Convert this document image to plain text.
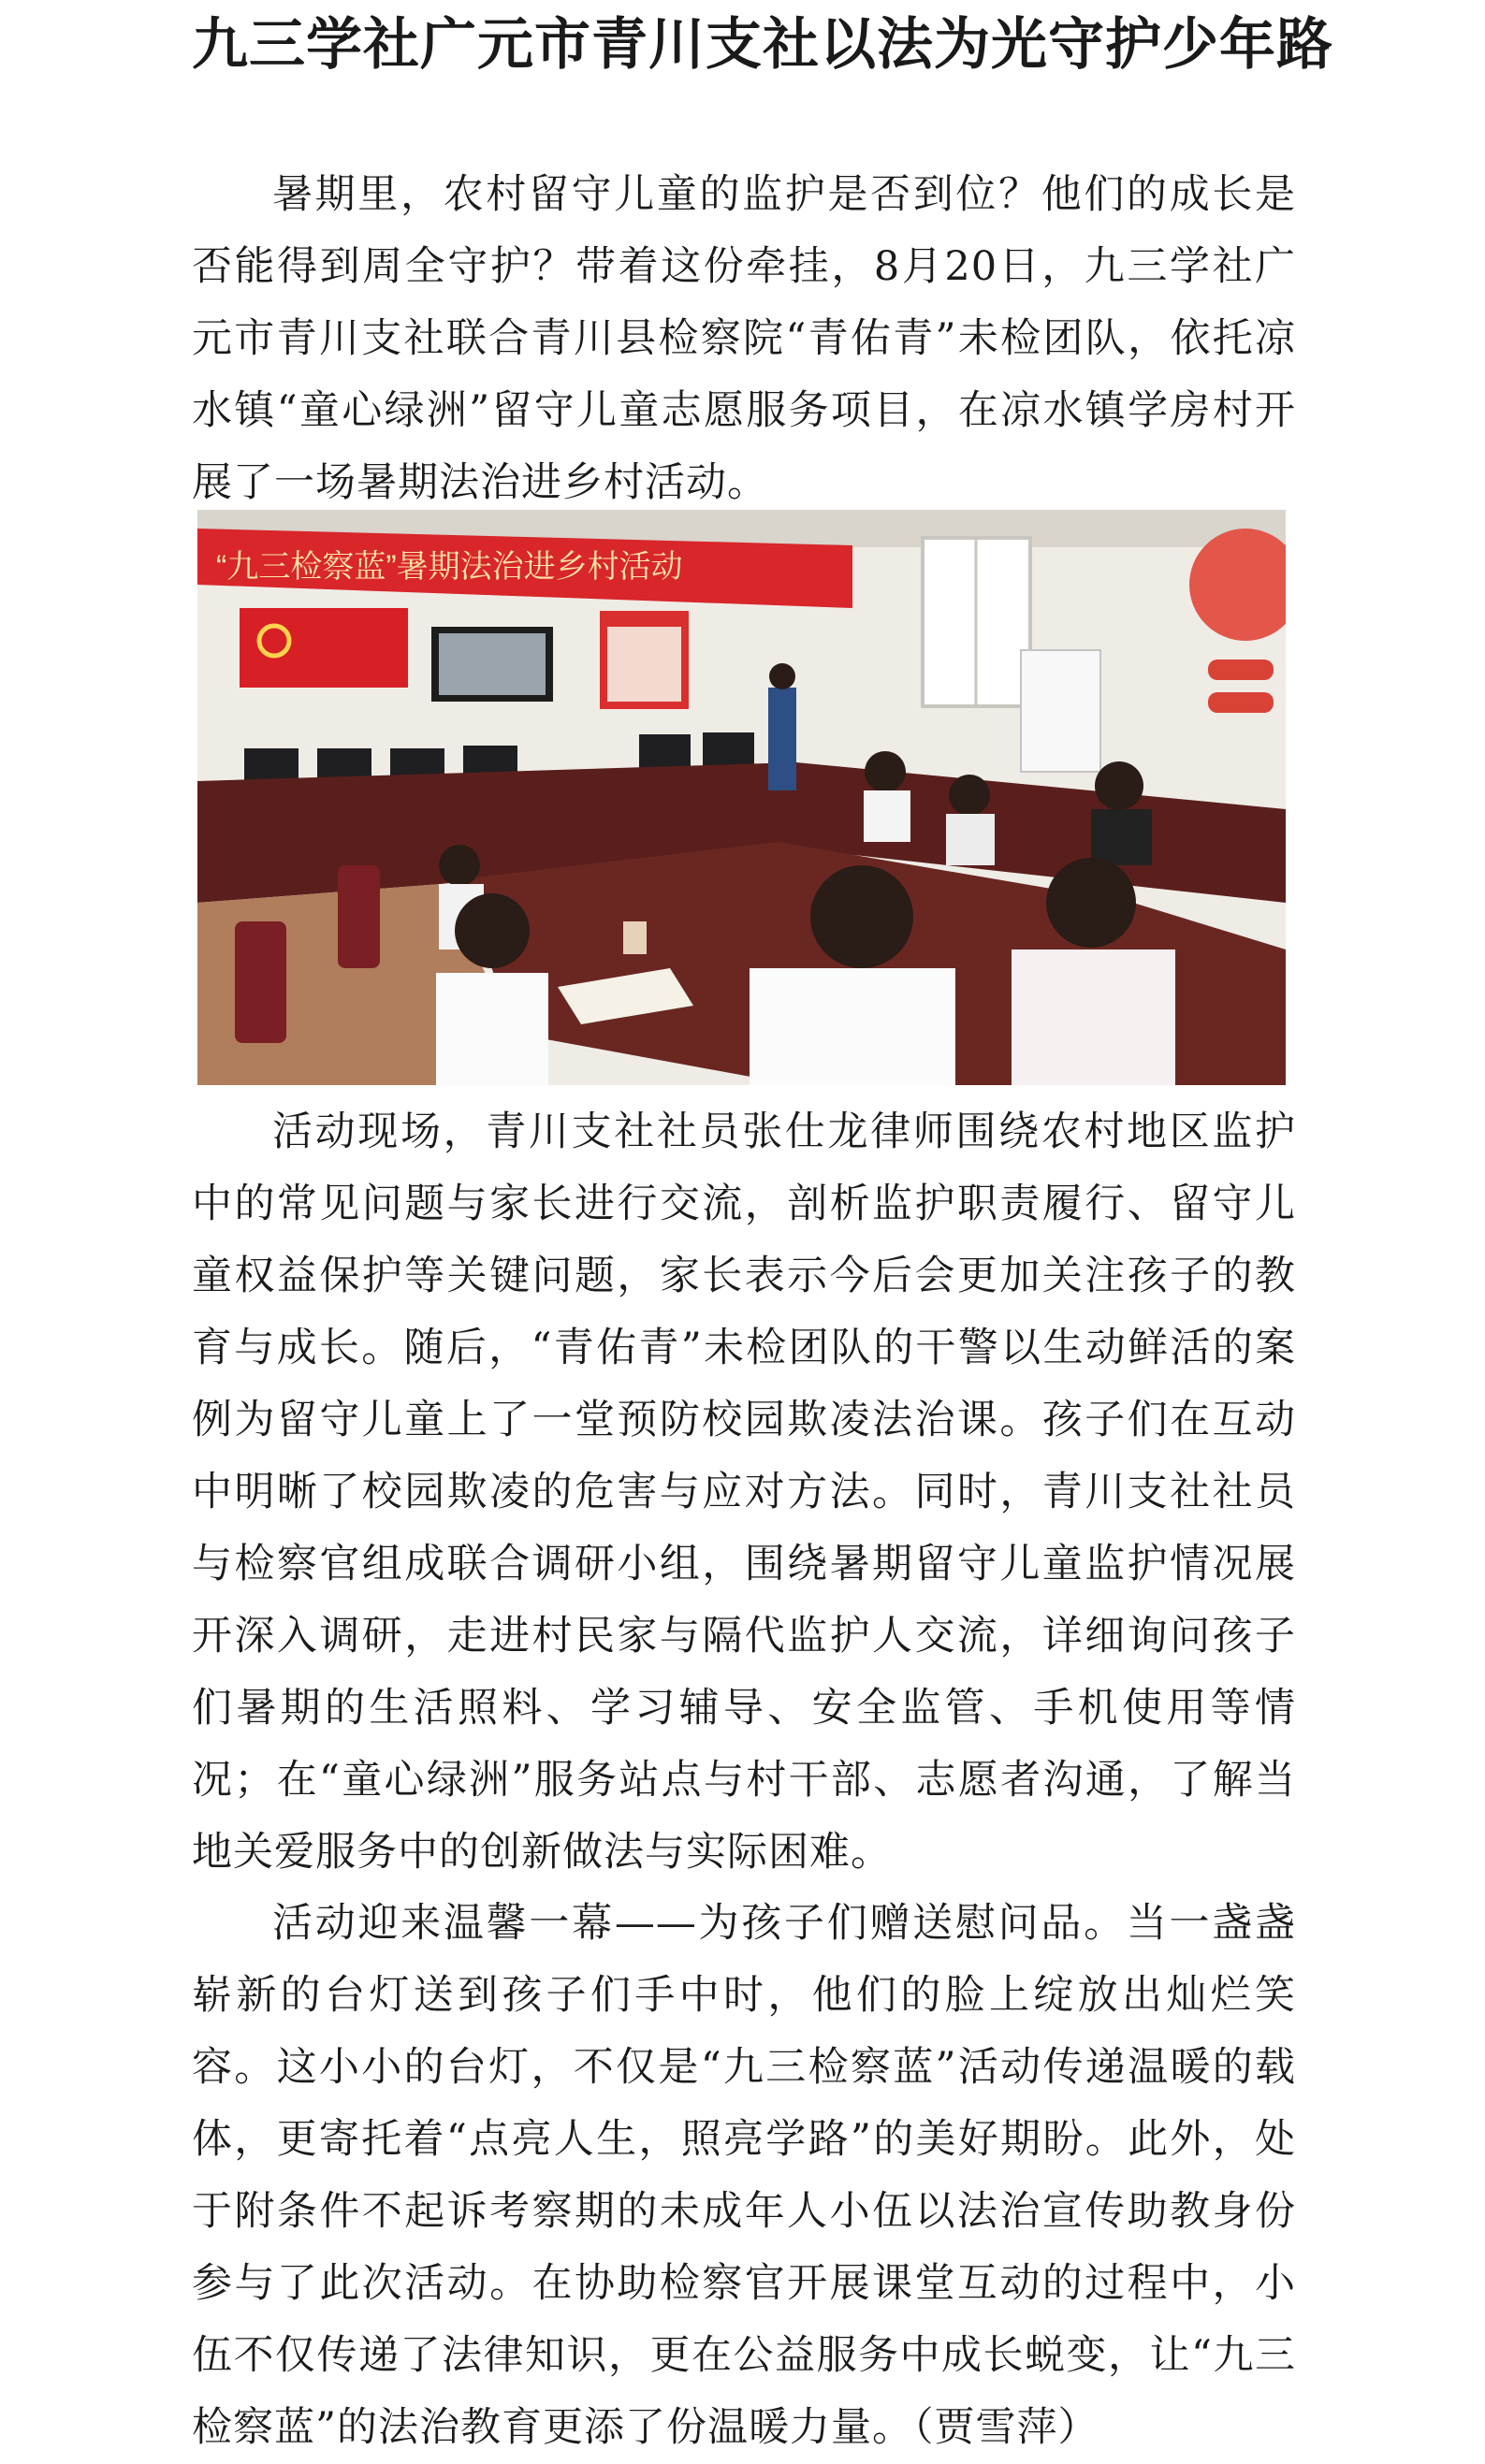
九三学社广元市青川支社以法为光守护少年路

暑期里，农村留守儿童的监护是否到位？他们的成长是否能得到周全守护？带着这份牵挂，8月20日，九三学社广元市青川支社联合青川县检察院“青佑青”未检团队，依托凉水镇“童心绿洲”留守儿童志愿服务项目，在凉水镇学房村开展了一场暑期法治进乡村活动。

活动现场，青川支社社员张仕龙律师围绕农村地区监护中的常见问题与家长进行交流，剖析监护职责履行、留守儿童权益保护等关键问题，家长表示今后会更加关注孩子的教育与成长。随后，“青佑青”未检团队的干警以生动鲜活的案例为留守儿童上了一堂预防校园欺凌法治课。孩子们在互动中明晰了校园欺凌的危害与应对方法。同时，青川支社社员与检察官组成联合调研小组，围绕暑期留守儿童监护情况展开深入调研，走进村民家与隔代监护人交流，详细询问孩子们暑期的生活照料、学习辅导、安全监管、手机使用等情况；在“童心绿洲”服务站点与村干部、志愿者沟通，了解当地关爱服务中的创新做法与实际困难。

活动迎来温馨一幕——为孩子们赠送慰问品。当一盏盏崭新的台灯送到孩子们手中时，他们的脸上绽放出灿烂笑容。这小小的台灯，不仅是“九三检察蓝”活动传递温暖的载体，更寄托着“点亮人生，照亮学路”的美好期盼。此外，处于附条件不起诉考察期的未成年人小伍以法治宣传助教身份参与了此次活动。在协助检察官开展课堂互动的过程中，小伍不仅传递了法律知识，更在公益服务中成长蜕变，让“九三检察蓝”的法治教育更添了份温暖力量。（贾雪萍）

“九三检察蓝”暑期法治进乡村活动
